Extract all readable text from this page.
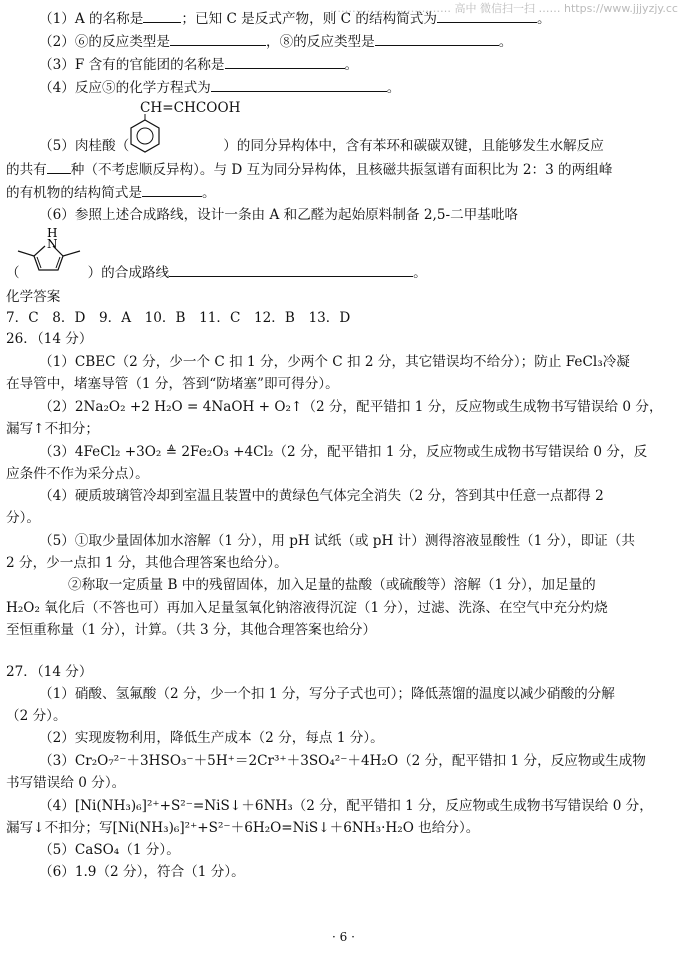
…………………………… 高中 微信扫一扫 …… https://www.jjjyzjy.cc
（1）A 的名称是	；已知 C 是反式产物，则 C 的结构简式为	。
（2）⑥的反应类型是	，⑧的反应类型是	。
（3）F 含有的官能团的名称是	。
（4）反应⑤的化学方程式为	。
CH=CHCOOH
（5）肉桂酸（	）的同分异构体中，含有苯环和碳碳双键，且能够发生水解反应
的共有 种（不考虑顺反异构）。与 D 互为同分异构体，且核磁共振氢谱有面积比为 2：3 的两组峰
的有机物的结构简式是	。
（6）参照上述合成路线，设计一条由 A 和乙醛为起始原料制备 2,5-二甲基吡咯
H
N
（	）的合成路线	。
化学答案
7．C　8．D　9．A　10．B　11．C　12．B　13．D
26．（14 分）
（1）CBEC（2 分，少一个 C 扣 1 分，少两个 C 扣 2 分，其它错误均不给分）；防止 FeCl₃冷凝
在导管中，堵塞导管（1 分，答到“防堵塞”即可得分）。
（2）2Na₂O₂ +2 H₂O = 4NaOH + O₂↑（2 分，配平错扣 1 分，反应物或生成物书写错误给 0 分，
漏写↑不扣分；
（3）4FeCl₂ +3O₂ ≜ 2Fe₂O₃ +4Cl₂（2 分，配平错扣 1 分，反应物或生成物书写错误给 0 分，反
应条件不作为采分点）。
（4）硬质玻璃管冷却到室温且装置中的黄绿色气体完全消失（2 分，答到其中任意一点都得 2
分）。
（5）①取少量固体加水溶解（1 分），用 pH 试纸（或 pH 计）测得溶液显酸性（1 分），即证（共
2 分，少一点扣 1 分，其他合理答案也给分）。
②称取一定质量 B 中的残留固体，加入足量的盐酸（或硫酸等）溶解（1 分），加足量的
H₂O₂ 氧化后（不答也可）再加入足量氢氧化钠溶液得沉淀（1 分），过滤、洗涤、在空气中充分灼烧
至恒重称量（1 分），计算。（共 3 分，其他合理答案也给分）
27．（14 分）
（1）硝酸、氢氟酸（2 分，少一个扣 1 分，写分子式也可）；降低蒸馏的温度以减少硝酸的分解
（2 分）。
（2）实现废物利用，降低生产成本（2 分，每点 1 分）。
（3）Cr₂O₇²⁻＋3HSO₃⁻＋5H⁺＝2Cr³⁺＋3SO₄²⁻＋4H₂O（2 分，配平错扣 1 分，反应物或生成物
书写错误给 0 分）。
（4）[Ni(NH₃)₆]²⁺+S²⁻=NiS↓＋6NH₃（2 分，配平错扣 1 分，反应物或生成物书写错误给 0 分，
漏写↓不扣分；写[Ni(NH₃)₆]²⁺+S²⁻＋6H₂O=NiS↓＋6NH₃·H₂O 也给分）。
（5）CaSO₄（1 分）。
（6）1.9（2 分），符合（1 分）。
· 6 ·
